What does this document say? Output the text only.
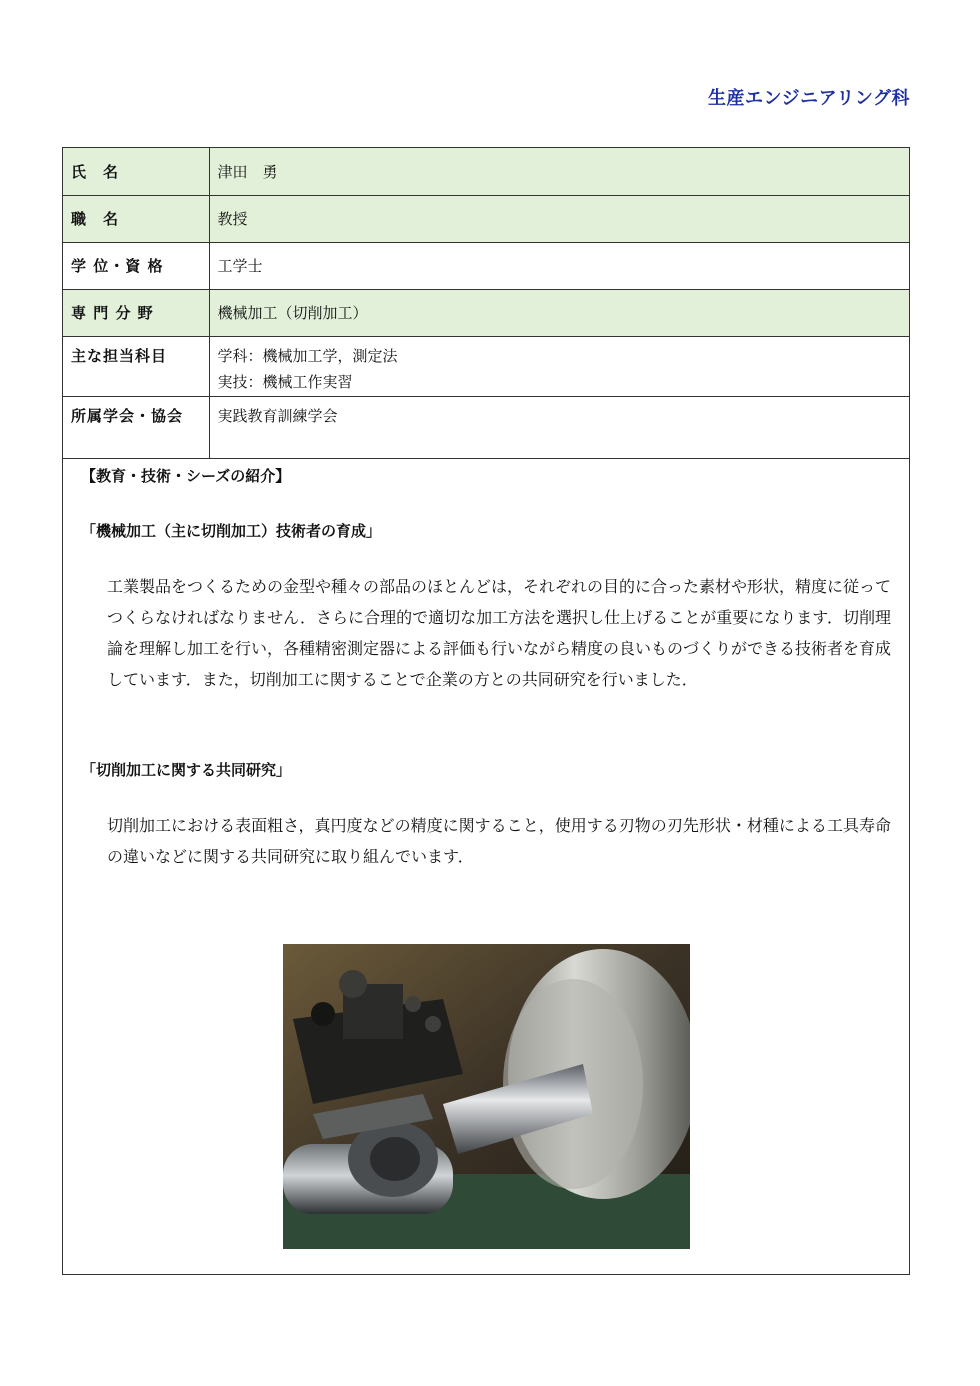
生産エンジニアリング科
氏　名	津田　勇
職　名	教授
学 位・資 格	工学士
専 門 分 野	機械加工（切削加工）
主な担当科目	学科：機械加工学，測定法
実技：機械工作実習

所属学会・協会	実践教育訓練学会
【教育・技術・シーズの紹介】
「機械加工（主に切削加工）技術者の育成」
工業製品をつくるための金型や種々の部品のほとんどは，それぞれの目的に合った素材や形状，精度に従ってつくらなければなりません．さらに合理的で適切な加工方法を選択し仕上げることが重要になります．切削理論を理解し加工を行い，各種精密測定器による評価も行いながら精度の良いものづくりができる技術者を育成しています．また，切削加工に関することで企業の方との共同研究を行いました．
「切削加工に関する共同研究」
切削加工における表面粗さ，真円度などの精度に関すること，使用する刃物の刃先形状・材種による工具寿命の違いなどに関する共同研究に取り組んでいます．
